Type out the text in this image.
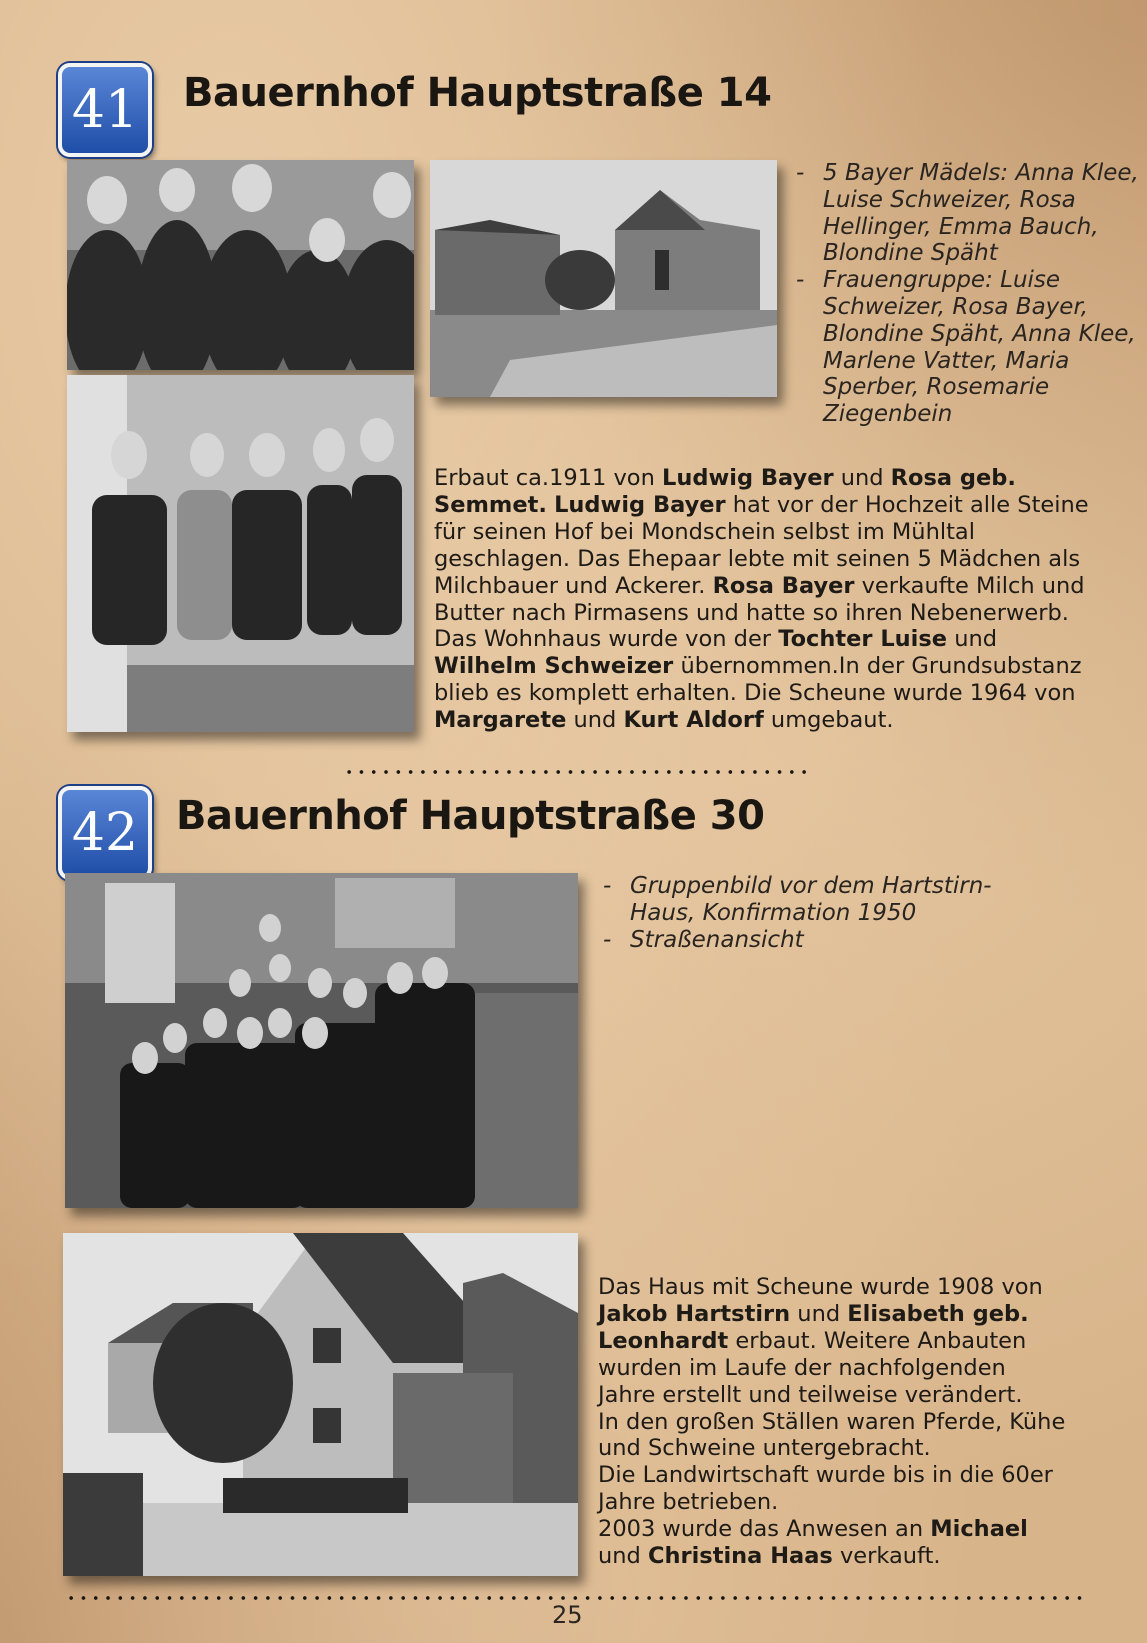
41	Bauernhof Hauptstraße 14
- 5 Bayer Mädels: Anna Klee, Luise Schweizer, Rosa Hellinger, Emma Bauch, Blondine Späht
- Frauengruppe: Luise Schweizer, Rosa Bayer, Blondine Späht, Anna Klee, Marlene Vatter, Maria Sperber, Rosemarie Ziegenbein

Erbaut ca.1911 von Ludwig Bayer und Rosa geb. Semmet. Ludwig Bayer hat vor der Hochzeit alle Steine für seinen Hof bei Mondschein selbst im Mühltal geschlagen. Das Ehepaar lebte mit seinen 5 Mädchen als Milchbauer und Ackerer. Rosa Bayer verkaufte Milch und Butter nach Pirmasens und hatte so ihren Nebenerwerb. Das Wohnhaus wurde von der Tochter Luise und Wilhelm Schweizer übernommen.In der Grundsubstanz blieb es komplett erhalten. Die Scheune wurde 1964 von Margarete und Kurt Aldorf umgebaut.

42 Bauernhof Hauptstraße 30
- Gruppenbild vor dem Hartstirn-Haus, Konfirmation 1950
- Straßenansicht

Das Haus mit Scheune wurde 1908 von Jakob Hartstirn und Elisabeth geb. Leonhardt erbaut. Weitere Anbauten wurden im Laufe der nachfolgenden Jahre erstellt und teilweise verändert.
In den großen Ställen waren Pferde, Kühe und Schweine untergebracht.
Die Landwirtschaft wurde bis in die 60er Jahre betrieben.
2003 wurde das Anwesen an Michael und Christina Haas verkauft.

25
